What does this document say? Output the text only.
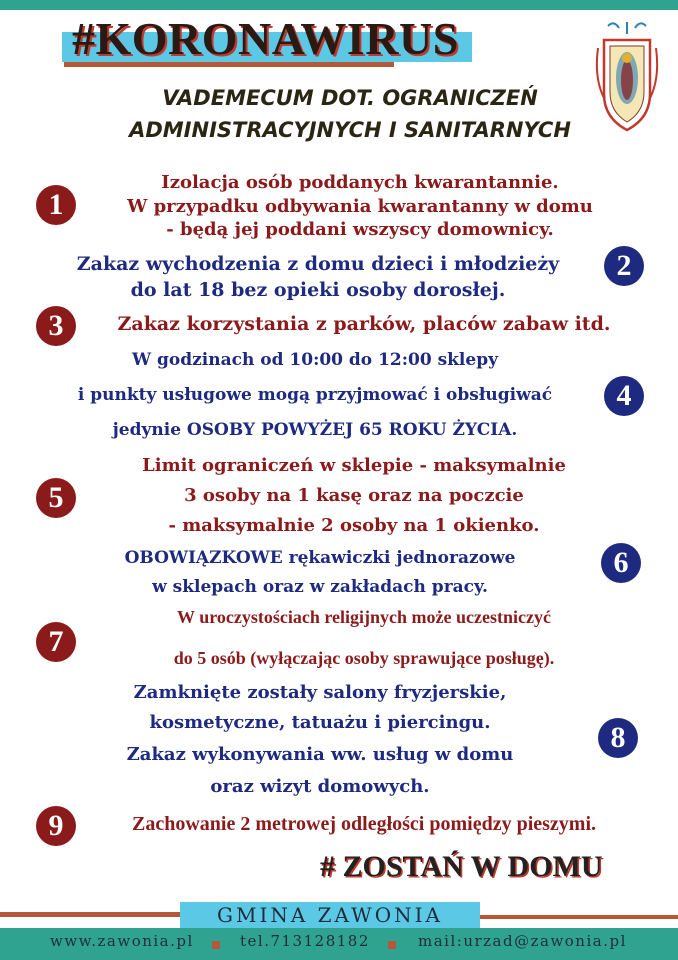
#KORONAWIRUS
VADEMECUM DOT. OGRANICZEŃ
ADMINISTRACYJNYCH I SANITARNYCH
1
Izolacja osób poddanych kwarantannie.
W przypadku odbywania kwarantanny w domu
- będą jej poddani wszyscy domownicy.
Zakaz wychodzenia z domu dzieci i młodzieży
do lat 18 bez opieki osoby dorosłej.
2
3	Zakaz korzystania z parków, placów zabaw itd.
W godzinach od 10:00 do 12:00 sklepy
i punkty usługowe mogą przyjmować i obsługiwać
jedynie OSOBY POWYŻEJ 65 ROKU ŻYCIA.
4
5
Limit ograniczeń w sklepie - maksymalnie
3 osoby na 1 kasę oraz na poczcie
- maksymalnie 2 osoby na 1 okienko.
OBOWIĄZKOWE rękawiczki jednorazowe
w sklepach oraz w zakładach pracy.
6
7
W uroczystościach religijnych może uczestniczyć
do 5 osób (wyłączając osoby sprawujące posługę).
Zamknięte zostały salony fryzjerskie,
kosmetyczne, tatuażu i piercingu.
Zakaz wykonywania ww. usług w domu
oraz wizyt domowych.
8
9	Zachowanie 2 metrowej odległości pomiędzy pieszymi.
# ZOSTAŃ W DOMU
GMINA ZAWONIA
www.zawonia.pl	tel.713128182	mail:urzad@zawonia.pl
